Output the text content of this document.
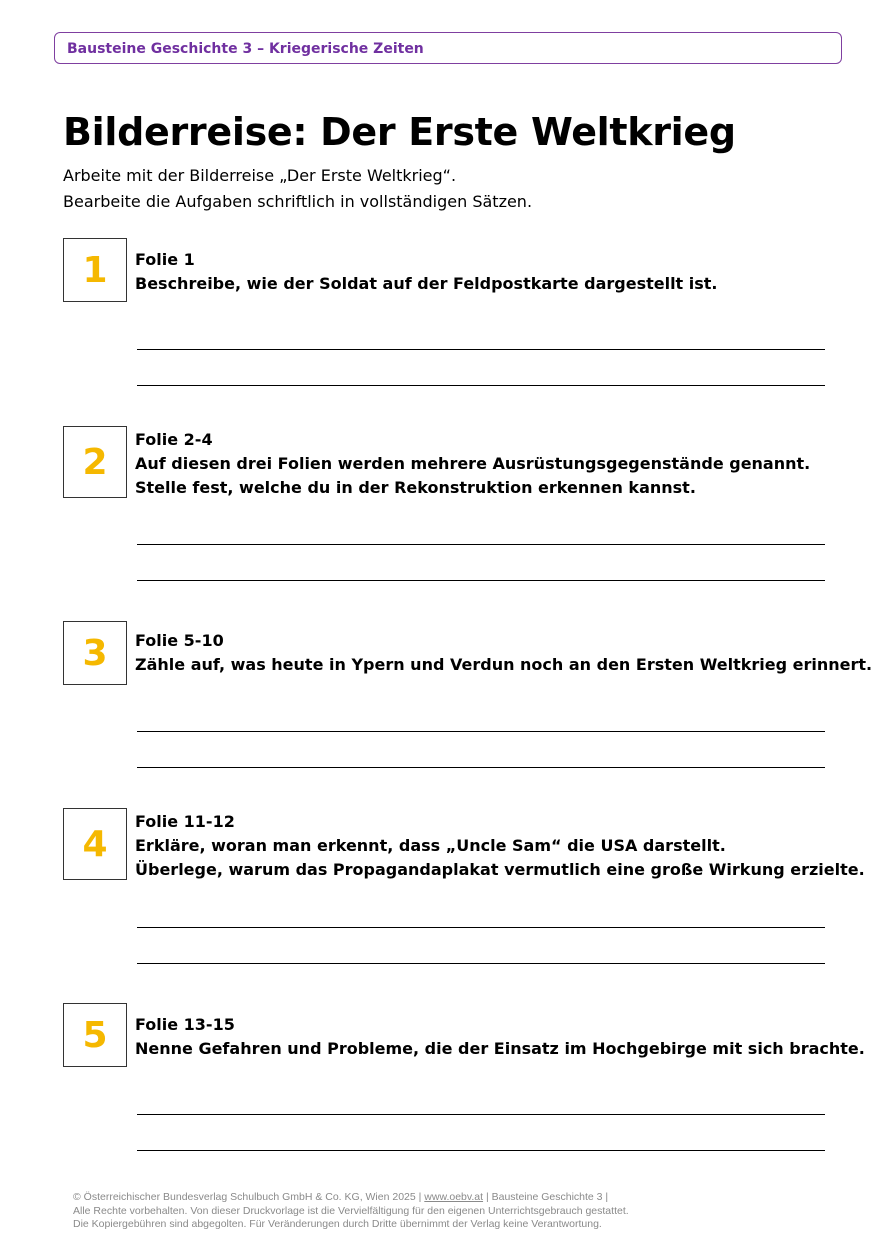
Bausteine Geschichte 3 – Kriegerische Zeiten
Bilderreise: Der Erste Weltkrieg
Arbeite mit der Bilderreise „Der Erste Weltkrieg“.
Bearbeite die Aufgaben schriftlich in vollständigen Sätzen.
1	Folie 1
Beschreibe, wie der Soldat auf der Feldpostkarte dargestellt ist.
2
Folie 2-4
Auf diesen drei Folien werden mehrere Ausrüstungsgegenstände genannt.
Stelle fest, welche du in der Rekonstruktion erkennen kannst.
3	Folie 5-10
Zähle auf, was heute in Ypern und Verdun noch an den Ersten Weltkrieg erinnert.
4
Folie 11-12
Erkläre, woran man erkennt, dass „Uncle Sam“ die USA darstellt.
Überlege, warum das Propagandaplakat vermutlich eine große Wirkung erzielte.
5	Folie 13-15
Nenne Gefahren und Probleme, die der Einsatz im Hochgebirge mit sich brachte.
© Österreichischer Bundesverlag Schulbuch GmbH & Co. KG, Wien 2025 | www.oebv.at | Bausteine Geschichte 3 |
Alle Rechte vorbehalten. Von dieser Druckvorlage ist die Vervielfältigung für den eigenen Unterrichtsgebrauch gestattet.
Die Kopiergebühren sind abgegolten. Für Veränderungen durch Dritte übernimmt der Verlag keine Verantwortung.
